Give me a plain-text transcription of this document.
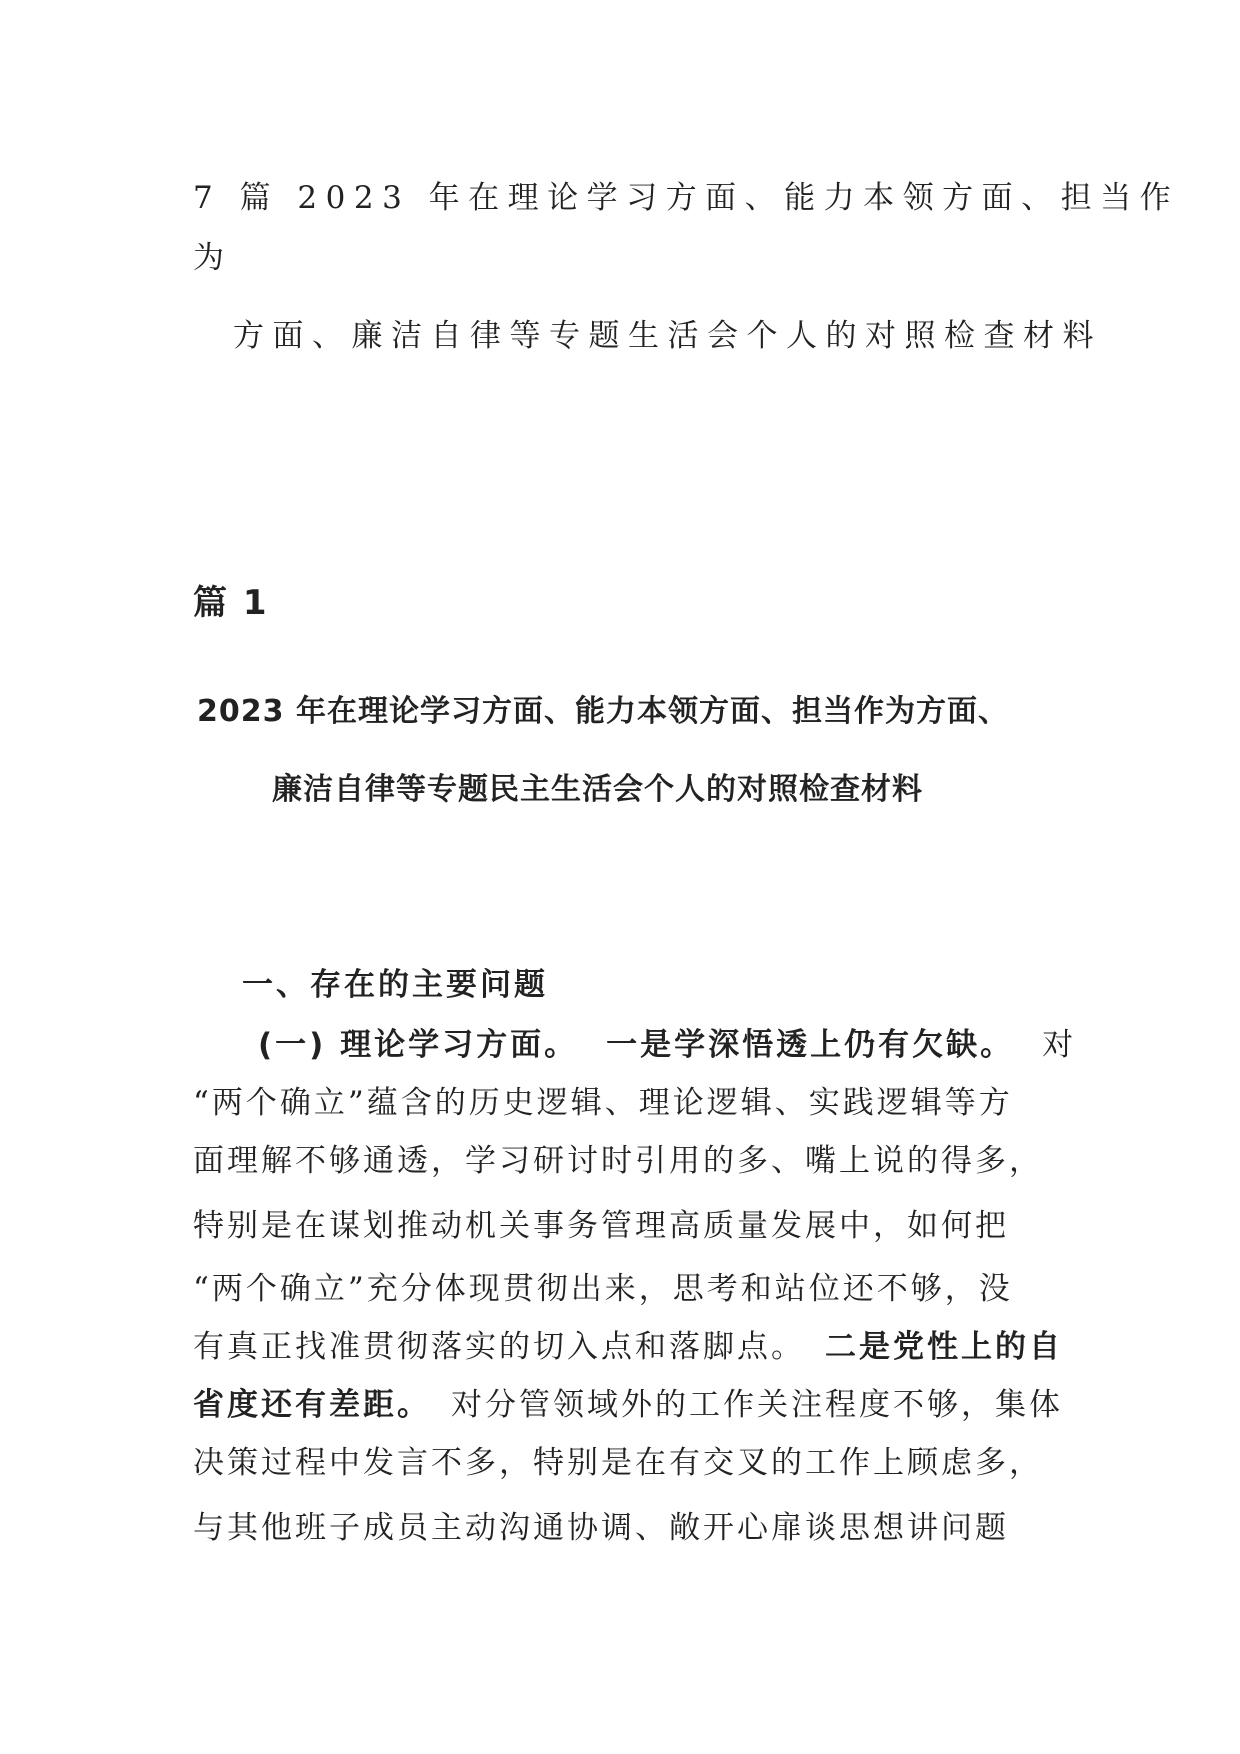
7 篇 2023 年在理论学习方面、能力本领方面、担当作
为
方面、廉洁自律等专题生活会个人的对照检查材料
篇 1
2023 年在理论学习方面、能力本领方面、担当作为方面、
廉洁自律等专题民主生活会个人的对照检查材料
一、存在的主要问题
(一) 理论学习方面。 一是学深悟透上仍有欠缺。 对
“两个确立”蕴含的历史逻辑、理论逻辑、实践逻辑等方
面理解不够通透，学习研讨时引用的多、嘴上说的得多，
特别是在谋划推动机关事务管理高质量发展中，如何把
“两个确立”充分体现贯彻出来，思考和站位还不够，没
有真正找准贯彻落实的切入点和落脚点。 二是党性上的自
省度还有差距。 对分管领域外的工作关注程度不够，集体
决策过程中发言不多，特别是在有交叉的工作上顾虑多，
与其他班子成员主动沟通协调、敞开心扉谈思想讲问题
